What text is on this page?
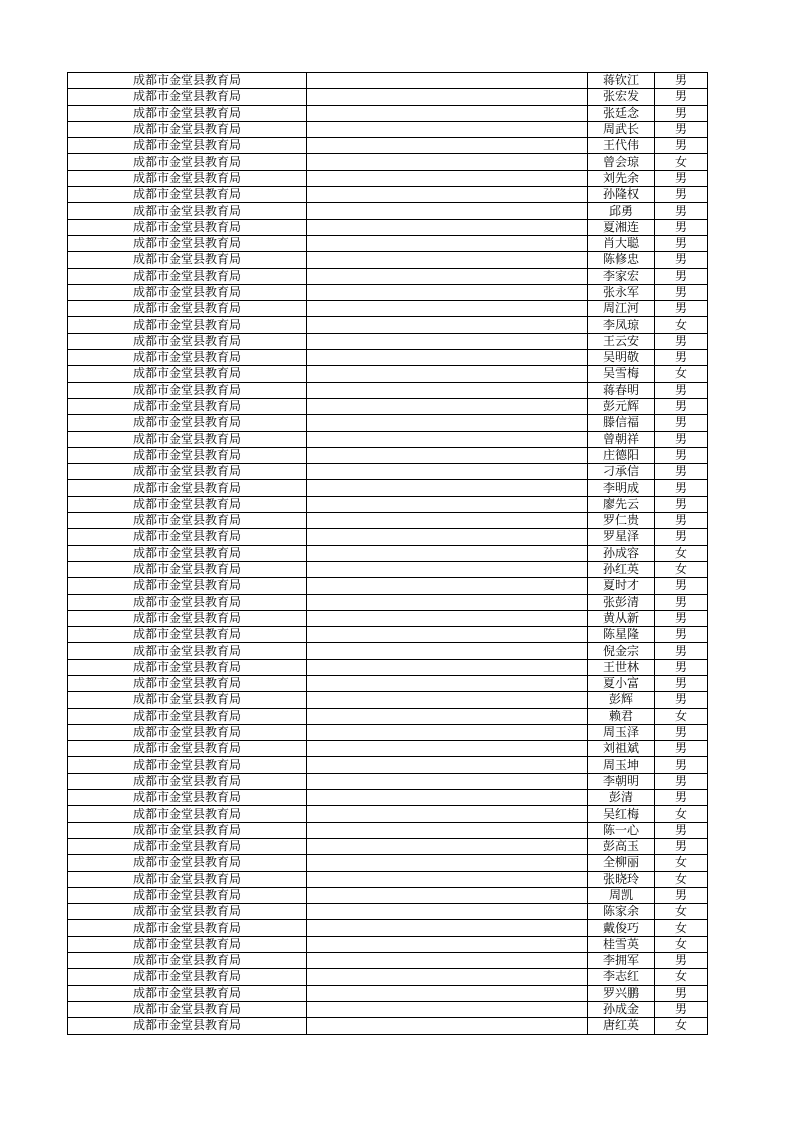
成都市金堂县教育局		蒋钦江	男
成都市金堂县教育局		张宏发	男
成都市金堂县教育局		张廷念	男
成都市金堂县教育局		周武长	男
成都市金堂县教育局		王代伟	男
成都市金堂县教育局		曾会琼	女
成都市金堂县教育局		刘先余	男
成都市金堂县教育局		孙隆权	男
成都市金堂县教育局		邱勇	男
成都市金堂县教育局		夏湘连	男
成都市金堂县教育局		肖大聪	男
成都市金堂县教育局		陈修忠	男
成都市金堂县教育局		李家宏	男
成都市金堂县教育局		张永军	男
成都市金堂县教育局		周江河	男
成都市金堂县教育局		李凤琼	女
成都市金堂县教育局		王云安	男
成都市金堂县教育局		吴明敬	男
成都市金堂县教育局		吴雪梅	女
成都市金堂县教育局		蒋春明	男
成都市金堂县教育局		彭元辉	男
成都市金堂县教育局		滕信福	男
成都市金堂县教育局		曾朝祥	男
成都市金堂县教育局		庄德阳	男
成都市金堂县教育局		刁承信	男
成都市金堂县教育局		李明成	男
成都市金堂县教育局		廖先云	男
成都市金堂县教育局		罗仁贵	男
成都市金堂县教育局		罗星泽	男
成都市金堂县教育局		孙成容	女
成都市金堂县教育局		孙红英	女
成都市金堂县教育局		夏时才	男
成都市金堂县教育局		张彭清	男
成都市金堂县教育局		黄从新	男
成都市金堂县教育局		陈星隆	男
成都市金堂县教育局		倪金宗	男
成都市金堂县教育局		王世林	男
成都市金堂县教育局		夏小富	男
成都市金堂县教育局		彭辉	男
成都市金堂县教育局		赖君	女
成都市金堂县教育局		周玉泽	男
成都市金堂县教育局		刘祖斌	男
成都市金堂县教育局		周玉坤	男
成都市金堂县教育局		李朝明	男
成都市金堂县教育局		彭清	男
成都市金堂县教育局		吴红梅	女
成都市金堂县教育局		陈一心	男
成都市金堂县教育局		彭高玉	男
成都市金堂县教育局		全柳丽	女
成都市金堂县教育局		张晓玲	女
成都市金堂县教育局		周凯	男
成都市金堂县教育局		陈家余	女
成都市金堂县教育局		戴俊巧	女
成都市金堂县教育局		桂雪英	女
成都市金堂县教育局		李拥军	男
成都市金堂县教育局		李志红	女
成都市金堂县教育局		罗兴鹏	男
成都市金堂县教育局		孙成金	男
成都市金堂县教育局		唐红英	女
